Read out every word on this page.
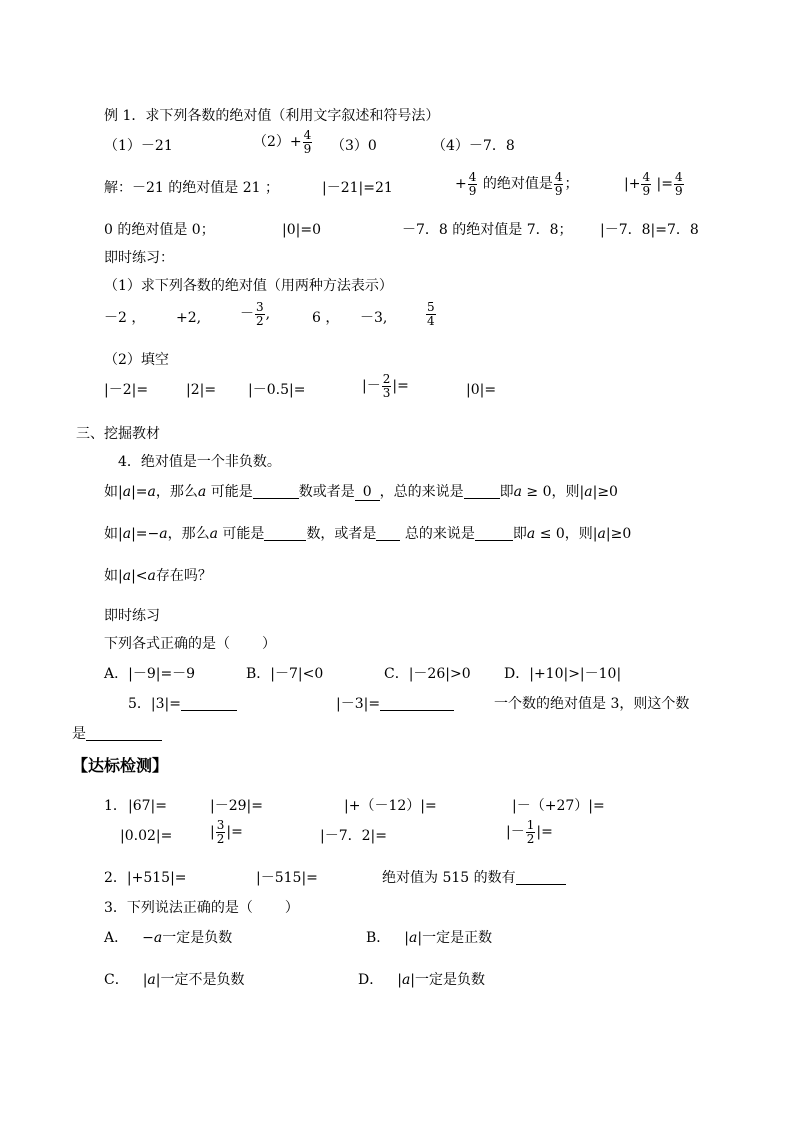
例 1．求下列各数的绝对值（利用文字叙述和符号法）
（1）－21	$(2)+ \frac{4}{9} (3)0$	（4）－7．8
解：－21 的绝对值是 21 ；	|－21|=21	+ $\frac{4}{9}$ 的绝对值是 $\frac{4}{9}$ ；	|+ $\frac{4}{9}$ |= $\frac{4}{9}$
0 的绝对值是 0；	|0|=0	－7．8 的绝对值是 7．8； |－7．8|=7．8
即时练习：
（1）求下列各数的绝对值（用两种方法表示）
－2 ， +2,	－ $\frac{3}{2}$ ,	6 ， －3,	$\frac{5}{4}$
（2）填空
|－2|=	|2|= |－0.5|=	|－ $\frac{2}{3}$ |=	|0|=
三、挖掘教材
4．绝对值是一个非负数。
如|a|=a，那么a 可能是	数或者是 0 ，总的来说是	即a ≥ 0，则|a|≥0
如|a|=−a，那么a 可能是	数，或者是 总的来说是	即a ≤ 0，则|a|≥0
如|a|<a存在吗？
即时练习
下列各式正确的是（ ）
A．|－9|=－9	B．|－7|<0	C．|－26|>0 D．|+10|>|－10|
5．|3|=	|－3|=	一个数的绝对值是 3，则这个数
是
【达标检测】
1． |67|=	|－29|=	|+（－12）|=	|－（+27）|=
|0.02|=	| $\frac{3}{2}$ |=	|－7．2|=	|－ $\frac{1}{2}$ |=
2．|+515|=	|－515|=	绝对值为 515 的数有
3．下列说法正确的是（ ）
A． −a一定是负数	B． |a|一定是正数
C． |a|一定不是负数	D． |a|一定是负数
